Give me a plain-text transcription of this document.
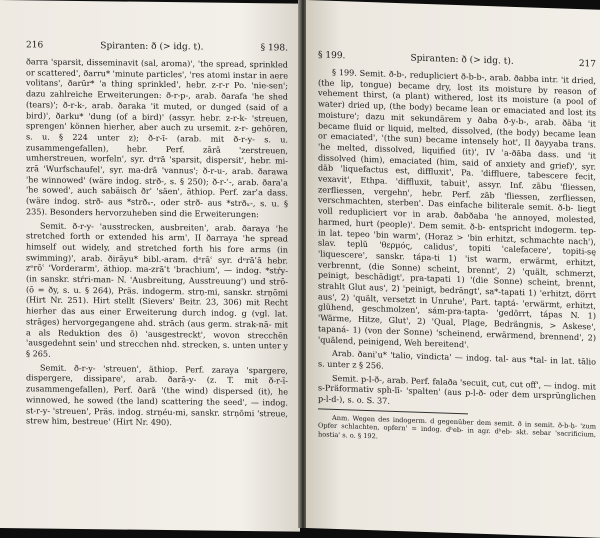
216	Spiranten: ð (> idg. t).	§ 198.

ðarra 'sparsit, disseminavit (sal, aroma)', 'the spread, sprinkled or scattered', ðarru* 'minute particles', 'res atomi instar in aere volitans', ðarūr* 'a thing sprinkled', hebr. z-r-r Po. 'nie-sen'; dazu zahlreiche Erweiterungen: ð-r-p-, arab. ðarafa 'he shed (tears)'; ð-r-k-, arab. ðaraka 'it muted, or dunged (said of a bird)', ðarku* 'dung (of a bird)' (assyr. hebr. z-r-k- 'streuen, sprengen' können hierher, aber auch zu ursemit. z-r- gehören, s. u. § 224 unter z); ð-r-ī- (arab. mit ð-r-y- s. u. zusammengefallen), hebr. Perf. zārā 'zerstreuen, umherstreuen, worfeln', syr. dᵉrā 'sparsit, dispersit', hebr. mi-zrā 'Wurfschaufel', syr. ma-drā 'vannus'; ð-r-u-, arab. ðarawa 'he winnowed' (wäre indog. strð-, s. § 250); ð-r-ʾ-, arab. ðaraʾa 'he sowed', auch sabäisch ðrʾ 'säen', äthiop. Perf. zarʾa dass. (wäre indog. strð- aus *strðₓ-, oder strð- aus *strðₓ-, s. u. § 235). Besonders hervorzuheben sind die Erweiterungen:

Semit. ð-r-y- 'ausstrecken, ausbreiten', arab. ðaraya 'he stretched forth or extended his arm', II ðarraya 'he spread himself out widely, and stretched forth his fore arms (in swimming)', arab. ðirāyu* bibl.-aram. dᵉrāʿ syr. dᵉrāʿā hebr. zᵉrōʿ 'Vorderarm', äthiop. ma-zrāʿt 'brachium', — indog. *stŕy- (in sanskr. stŕri-man- N. 'Ausbreitung, Ausstreuung') und strō- (ō = ðy, s. u. § 264), Präs. indogerm. strṇ-mi, sanskr. strṇōmi (Hirt Nr. 251). Hirt stellt (Sievers' Beitr. 23, 306) mit Recht hierher das aus einer Erweiterung durch indog. g (vgl. lat. strāges) hervorgegangene ahd. strāch (aus germ. strak-nā- mit a als Reduktion des ō) 'ausgestreckt', wovon strecchēn 'ausgedehnt sein' und strecchen nhd. strecken, s. unten unter y § 265.

Semit. ð-r-y- 'streuen', äthiop. Perf. zaraya 'spargere, dispergere, dissipare', arab. ðarā-y- (z. T. mit ð-r-ī- zusammengefallen), Perf. ðarā '(the wind) dispersed (it), he winnowed, he sowed (the land) scattering the seed', — indog. st-r-y- 'streuen', Präs. indog. strṇéu-mi, sanskr. strṇōmi 'streue, strew him, bestreue' (Hirt Nr. 490).

§ 199.	Spiranten: ð (> idg. t).	217

§ 199. Semit. ð-b-, redupliciert ð-b-b-, arab. ðabba intr. 'it dried, (the lip, tongue) became dry, lost its moisture by reason of vehement thirst, (a plant) withered, lost its moisture (a pool of water) dried up, (the body) became lean or emaciated and lost its moisture'; dazu mit sekundärem y ðaba ð-y-b-, arab. ðāba 'it became fluid or liquid, melted, dissolved, (the body) became lean or emaciated', '(the sun) became intensely hot', II ðayyaba trans. 'he melted, dissolved, liquified (it)', IV ʾa-ðāba dass. und 'it dissolved (him), emaciated (him, said of anxiety and grief)', syr. dāb 'liquefactus est, diffluxit', Pa. 'diffluere, tabescere fecit, vexavit', Ethpa. 'diffluxit, tabuit', assyr. Inf. zābu 'fliessen, zerfliessen, vergehn', hebr. Perf. zāb 'fliessen, zerfliessen, verschmachten, sterben'. Das einfache biliterale semit. ð-b- liegt voll redupliciert vor in arab. ðabðaba 'he annoyed, molested, harmed, hurt (people)'. Dem semit. ð-b- entspricht indogerm. tep- in lat. tepeo 'bin warm', (Horaz > 'bin erhitzt, schmachte nach'), slav. teplŭ 'θερμός, calidus', topiti 'calefacere', topiti-sę 'liquescere', sanskr. tápa-ti 1) 'ist warm, erwärmt, erhitzt, verbrennt, (die Sonne) scheint, brennt', 2) 'quält, schmerzt, peinigt, beschädigt', pra-tapati 1) '(die Sonne) scheint, brennt, strahlt Glut aus', 2) 'peinigt, bedrängt', sa*-tapati 1) 'erhitzt, dörrt aus', 2) 'quält, versetzt in Unruhe', Part. taptá- 'erwärmt, erhitzt, glühend, geschmolzen', sám-pra-tapta- 'gedörrt, tápas N. 1) 'Wärme, Hitze, Glut', 2) 'Qual, Plage, Bedrängnis, > Askese', tapaná- 1) (von der Sonne) 'scheinend, erwärmend, brennend', 2) 'quälend, peinigend, Weh bereitend'.

Arab. ðaniʾu* 'talio, vindicta' — indog. tal- aus *tal- in lat. tālio s. unter z § 256.

Semit. p-l-ð-, arab. Perf. falaða 'secuit, cut, cut off', — indog. mit s-Präformativ sph-lī- 'spalten' (aus p-l-ð- oder dem ursprünglichen p-l-d-), s. o. S. 37.

Anm. Wegen des indogerm. d gegenüber dem semit. ð in semit. ð-b-ḥ- 'zum Opfer schlachten, opfern' = indog. dʰeb- in agr. dʰeb- skt. sebar 'sacrificium, hostia' s. o. § 192.
